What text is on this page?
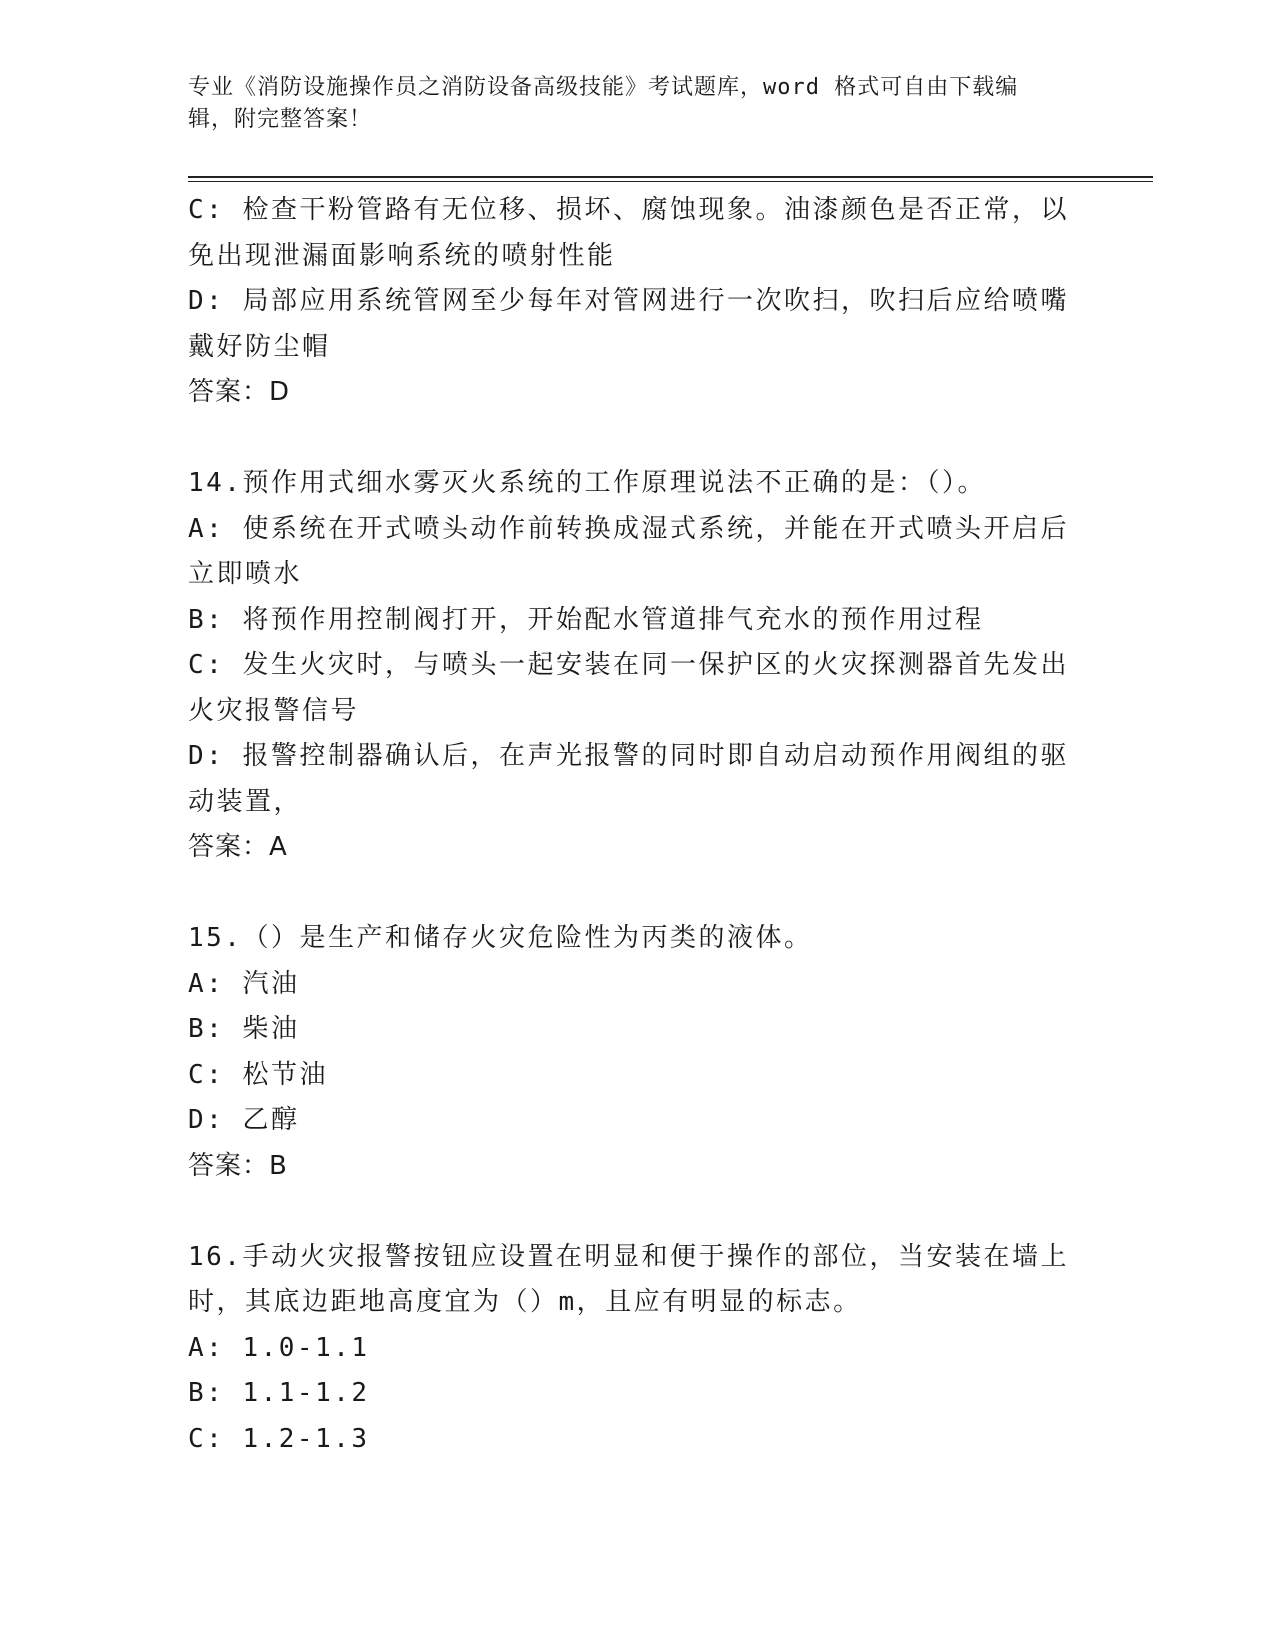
专业《消防设施操作员之消防设备高级技能》考试题库，word 格式可自由下载编
辑，附完整答案！
C: 检查干粉管路有无位移、损坏、腐蚀现象。油漆颜色是否正常，以
免出现泄漏面影响系统的喷射性能
D: 局部应用系统管网至少每年对管网进行一次吹扫，吹扫后应给喷嘴
戴好防尘帽
答案：D
14.预作用式细水雾灭火系统的工作原理说法不正确的是：（）。
A: 使系统在开式喷头动作前转换成湿式系统，并能在开式喷头开启后
立即喷水
B: 将预作用控制阀打开，开始配水管道排气充水的预作用过程
C: 发生火灾时，与喷头一起安装在同一保护区的火灾探测器首先发出
火灾报警信号
D: 报警控制器确认后，在声光报警的同时即自动启动预作用阀组的驱
动装置，
答案：A
15.（）是生产和储存火灾危险性为丙类的液体。
A: 汽油
B: 柴油
C: 松节油
D: 乙醇
答案：B
16.手动火灾报警按钮应设置在明显和便于操作的部位，当安装在墙上
时，其底边距地高度宜为（）m，且应有明显的标志。
A: 1.0-1.1
B: 1.1-1.2
C: 1.2-1.3
